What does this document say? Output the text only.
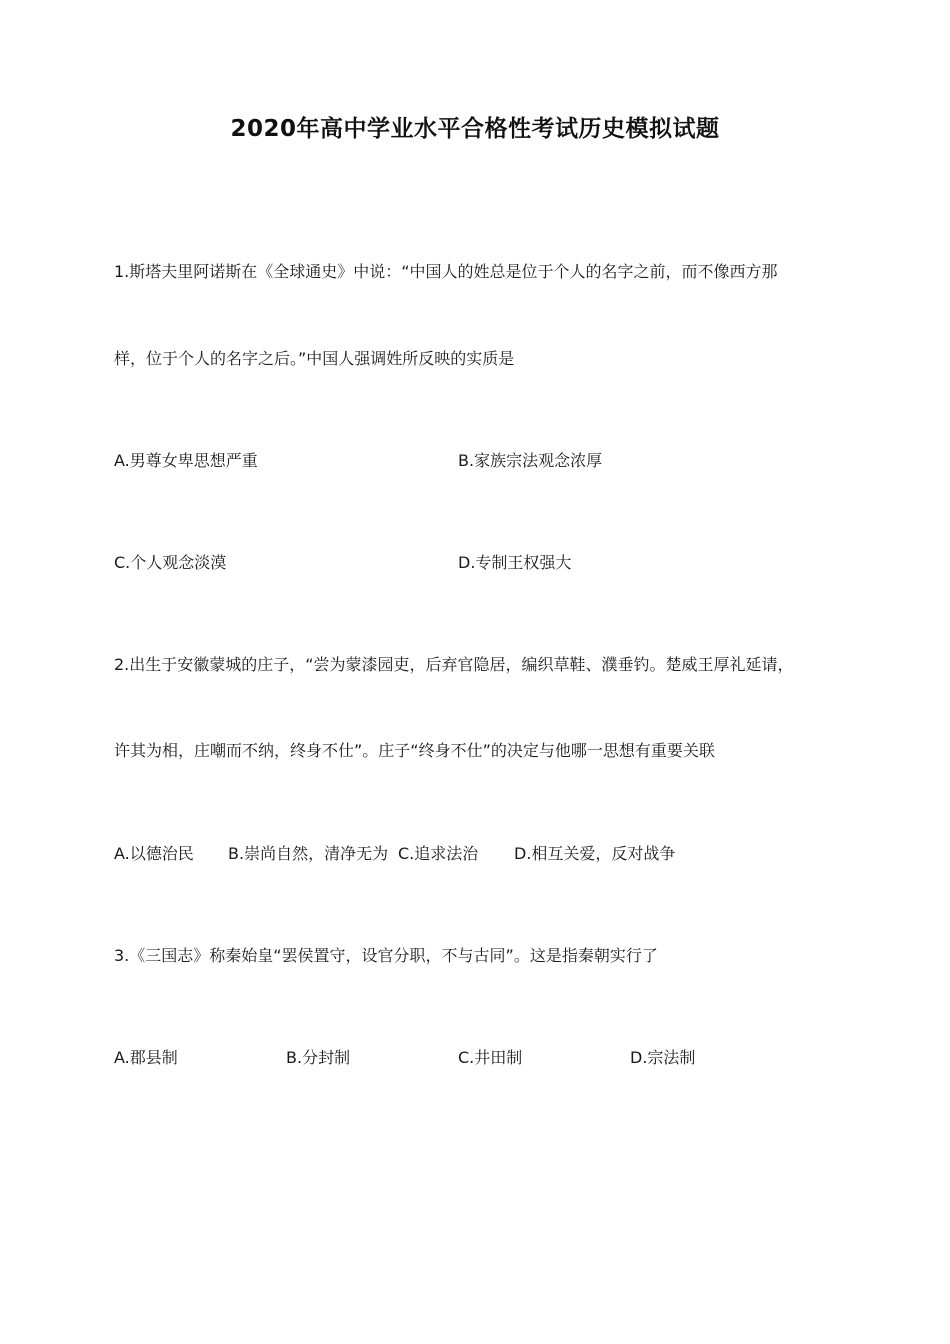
2020年高中学业水平合格性考试历史模拟试题
1.斯塔夫里阿诺斯在《全球通史》中说：“中国人的姓总是位于个人的名字之前，而不像西方那
样，位于个人的名字之后。”中国人强调姓所反映的实质是
A.男尊女卑思想严重	B.家族宗法观念浓厚
C.个人观念淡漠	D.专制王权强大
2.出生于安徽蒙城的庄子，“尝为蒙漆园吏，后弃官隐居，编织草鞋、濮垂钓。楚威王厚礼延请，
许其为相，庄嘲而不纳，终身不仕”。庄子“终身不仕”的决定与他哪一思想有重要关联
A.以德治民 B.崇尚自然，清净无为 C.追求法治 D.相互关爱，反对战争
3.《三国志》称秦始皇“罢侯置守，设官分职，不与古同”。这是指秦朝实行了
A.郡县制	B.分封制	C.井田制	D.宗法制
